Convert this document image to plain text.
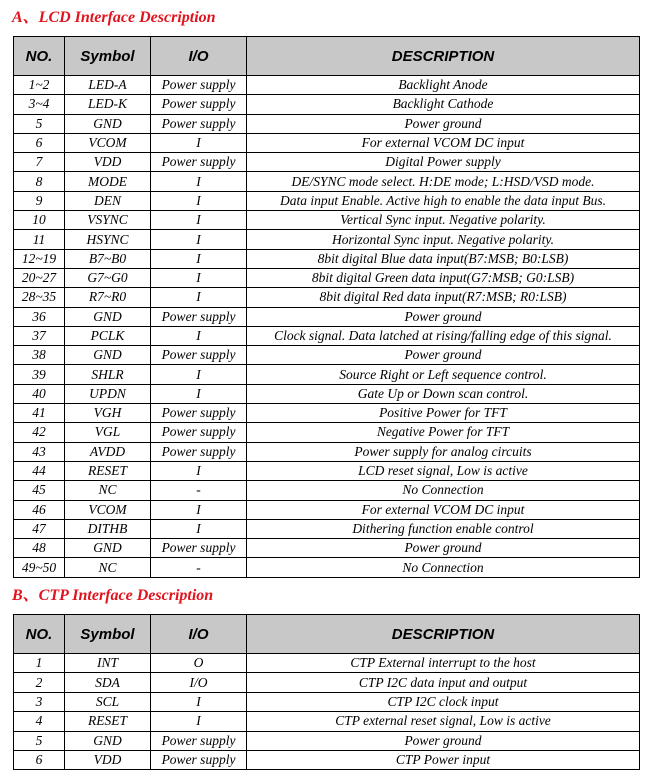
A、LCD Interface Description
NO.	Symbol	I/O	DESCRIPTION
1~2	LED-A	Power supply	Backlight Anode
3~4	LED-K	Power supply	Backlight Cathode
5	GND	Power supply	Power ground
6	VCOM	I	For external VCOM DC input
7	VDD	Power supply	Digital Power supply
8	MODE	I	DE/SYNC mode select. H:DE mode; L:HSD/VSD mode.
9	DEN	I	Data input Enable. Active high to enable the data input Bus.
10	VSYNC	I	Vertical Sync input. Negative polarity.
11	HSYNC	I	Horizontal Sync input. Negative polarity.
12~19	B7~B0	I	8bit digital Blue data input(B7:MSB; B0:LSB)
20~27	G7~G0	I	8bit digital Green data input(G7:MSB; G0:LSB)
28~35	R7~R0	I	8bit digital Red data input(R7:MSB; R0:LSB)
36	GND	Power supply	Power ground
37	PCLK	I	Clock signal. Data latched at rising/falling edge of this signal.
38	GND	Power supply	Power ground
39	SHLR	I	Source Right or Left sequence control.
40	UPDN	I	Gate Up or Down scan control.
41	VGH	Power supply	Positive Power for TFT
42	VGL	Power supply	Negative Power for TFT
43	AVDD	Power supply	Power supply for analog circuits
44	RESET	I	LCD reset signal, Low is active
45	NC	-	No Connection
46	VCOM	I	For external VCOM DC input
47	DITHB	I	Dithering function enable control
48	GND	Power supply	Power ground
49~50	NC	-	No Connection
B、CTP Interface Description
NO.	Symbol	I/O	DESCRIPTION
1	INT	O	CTP External interrupt to the host
2	SDA	I/O	CTP I2C data input and output
3	SCL	I	CTP I2C clock input
4	RESET	I	CTP external reset signal, Low is active
5	GND	Power supply	Power ground
6	VDD	Power supply	CTP Power input
